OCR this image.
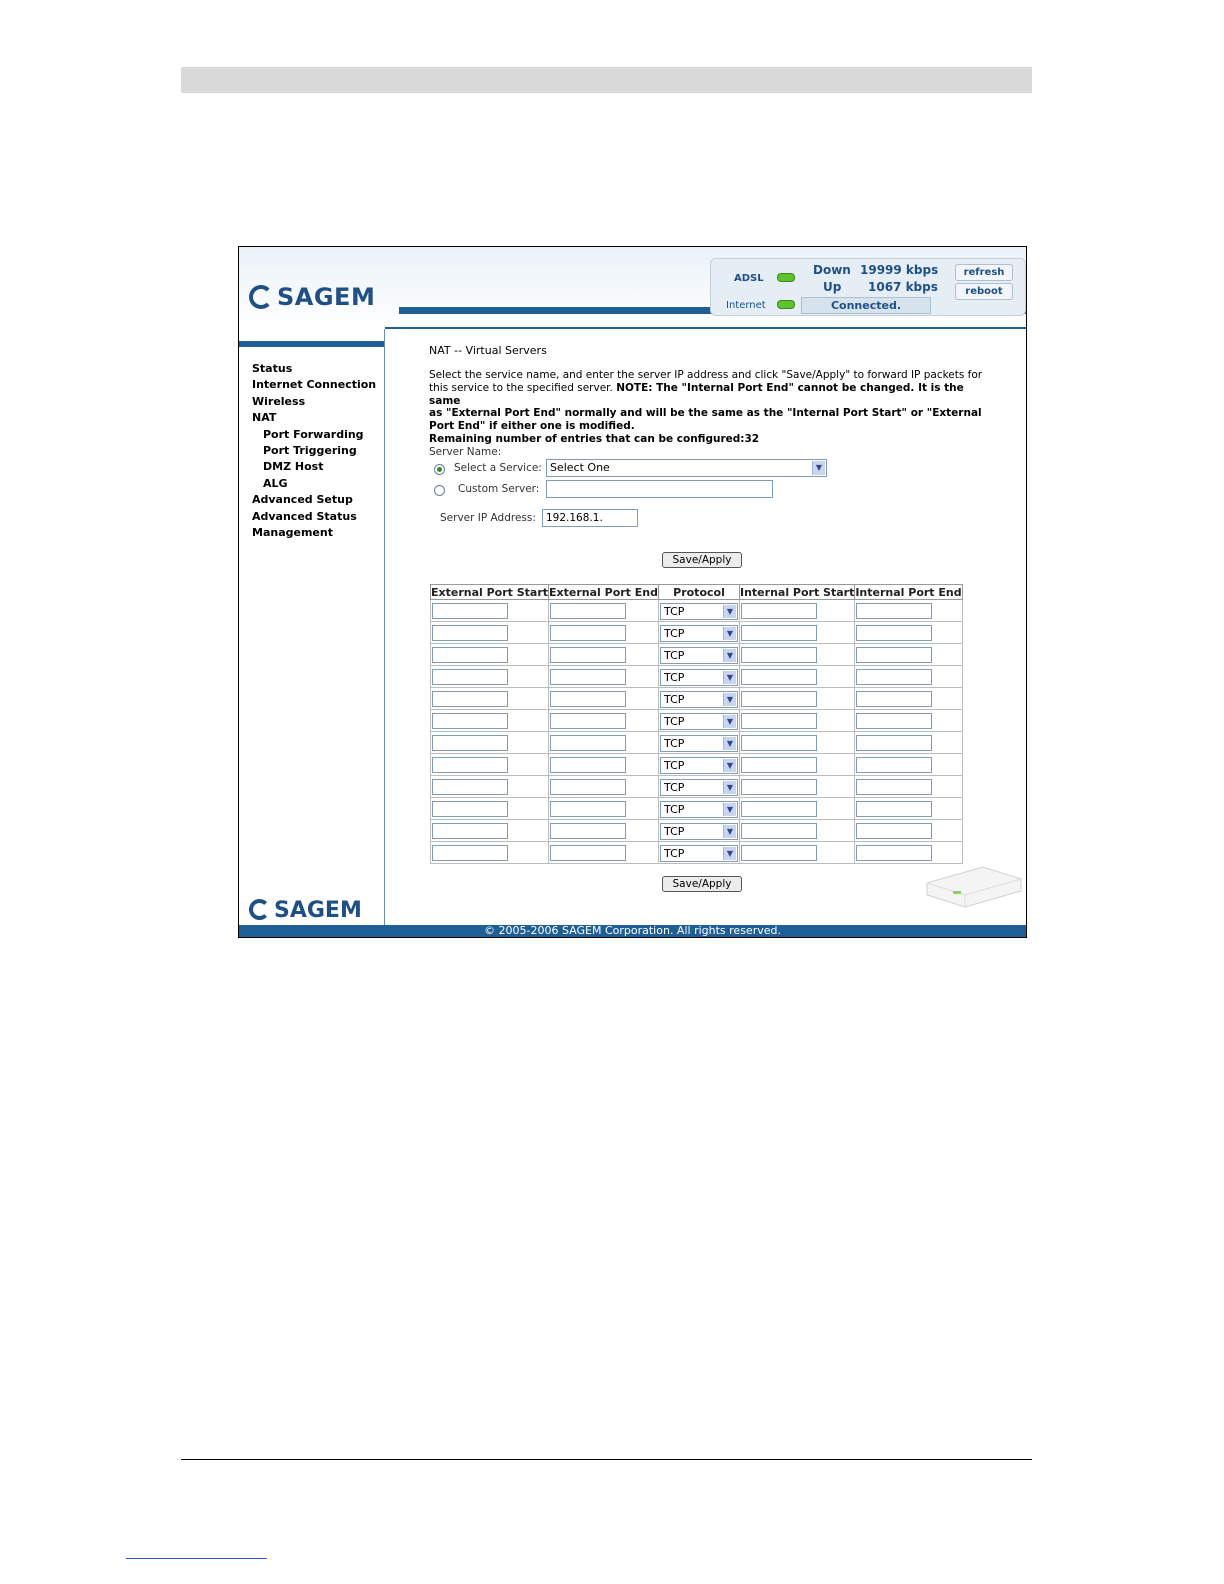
SAGEM
ADSL
Internet
Down 19999 kbps
Up 1067 kbps
Connected.
refresh
reboot
Status
Internet Connection
Wireless
NAT
Port Forwarding
Port Triggering
DMZ Host
ALG
Advanced Setup
Advanced Status
Management
SAGEM
NAT -- Virtual Servers
Select the service name, and enter the server IP address and click "Save/Apply" to forward IP packets for
this service to the specified server. NOTE: The "Internal Port End" cannot be changed. It is the same
as "External Port End" normally and will be the same as the "Internal Port Start" or "External
Port End" if either one is modified.
Remaining number of entries that can be configured:32
Server Name:
Select a Service: Select One	▼
Custom Server:
Server IP Address: 192.168.1.
Save/Apply
External Port Start	External Port End	Protocol	Internal Port Start	Internal Port End

		TCP ▼		

		TCP ▼		

		TCP ▼		

		TCP ▼		

		TCP ▼		

		TCP ▼		

		TCP ▼		

		TCP ▼		

		TCP ▼		

		TCP ▼		

		TCP ▼		

		TCP ▼		

Save/Apply
© 2005-2006 SAGEM Corporation. All rights reserved.
